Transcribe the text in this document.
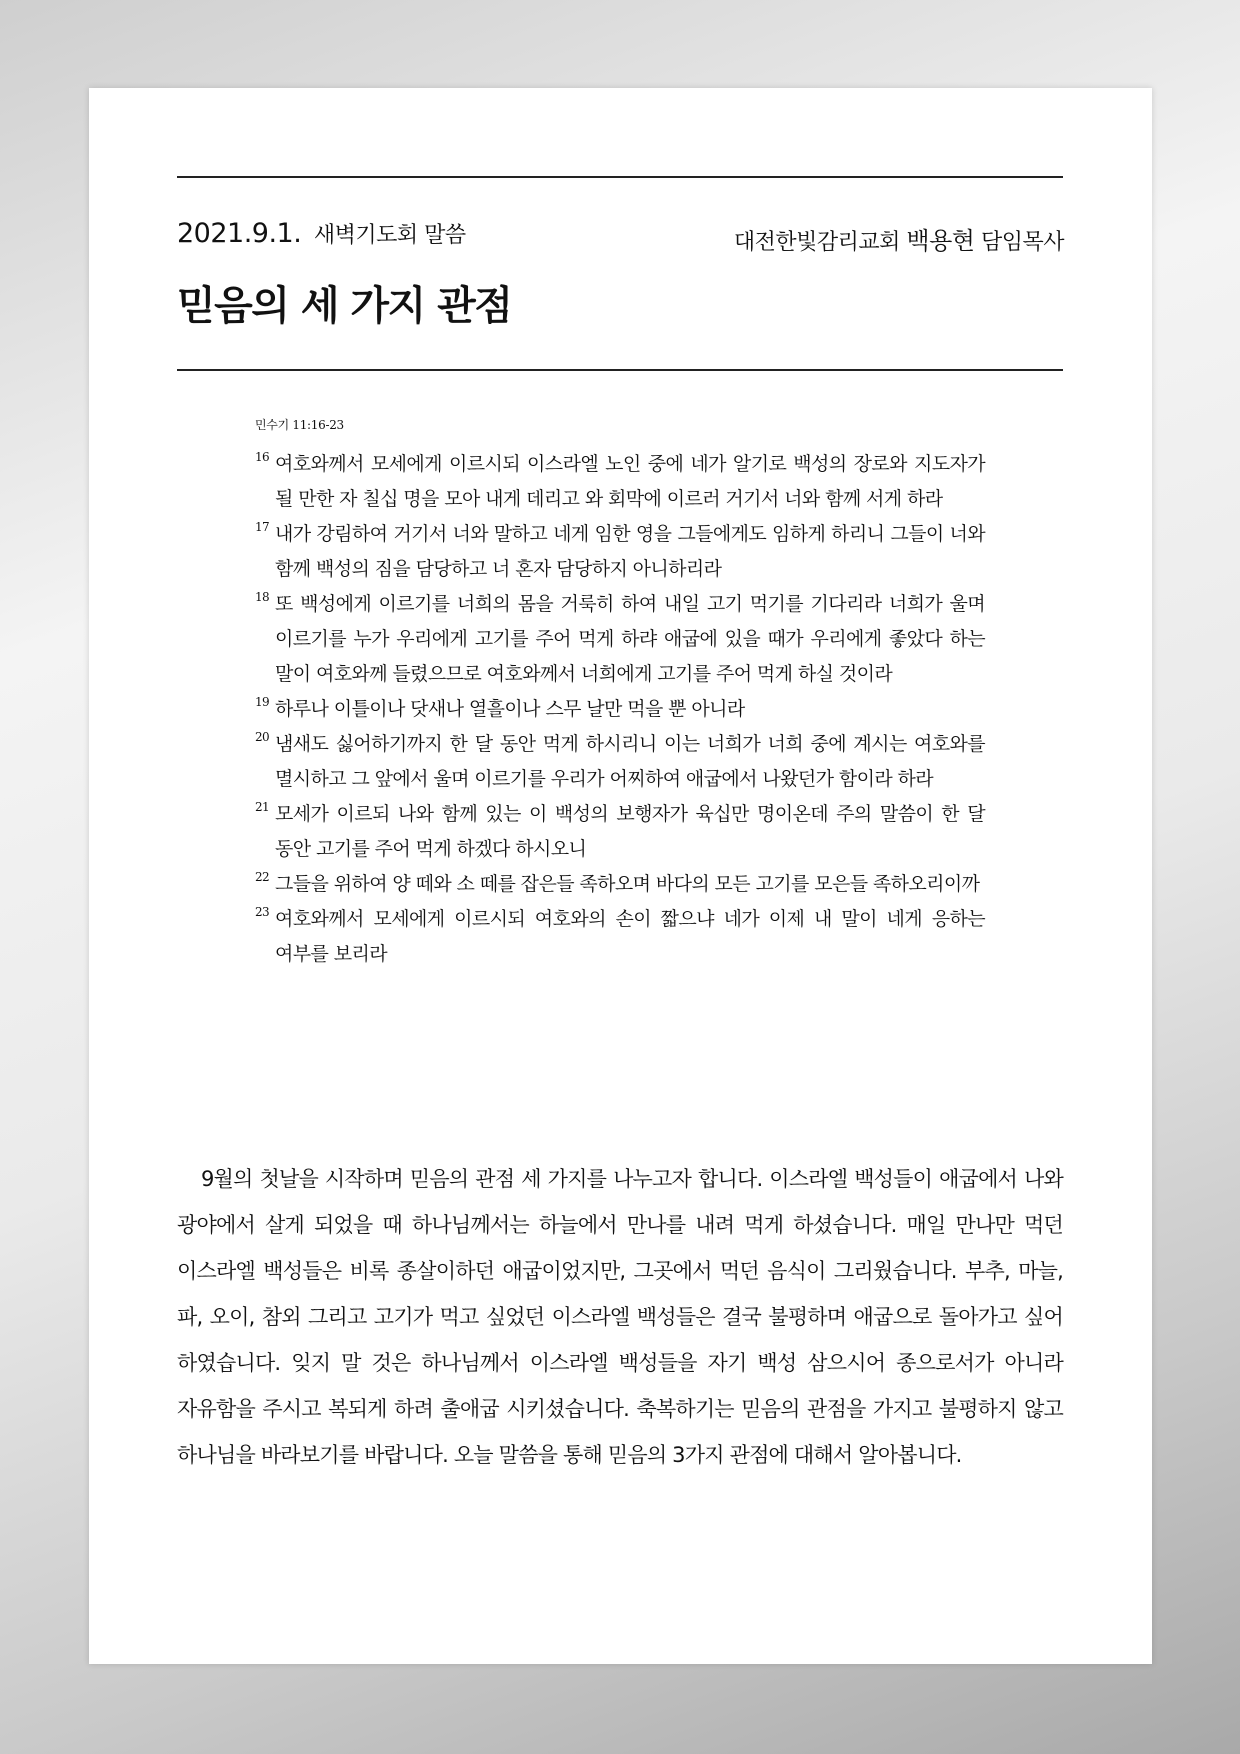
2021.9.1. 새벽기도회 말씀	대전한빛감리교회 백용현 담임목사
믿음의 세 가지 관점
민수기 11:16-23
16 여호와께서 모세에게 이르시되 이스라엘 노인 중에 네가 알기로 백성의 장로와 지도자가 될 만한 자 칠십 명을 모아 내게 데리고 와 회막에 이르러 거기서 너와 함께 서게 하라
17 내가 강림하여 거기서 너와 말하고 네게 임한 영을 그들에게도 임하게 하리니 그들이 너와 함께 백성의 짐을 담당하고 너 혼자 담당하지 아니하리라
18 또 백성에게 이르기를 너희의 몸을 거룩히 하여 내일 고기 먹기를 기다리라 너희가 울며 이르기를 누가 우리에게 고기를 주어 먹게 하랴 애굽에 있을 때가 우리에게 좋았다 하는 말이 여호와께 들렸으므로 여호와께서 너희에게 고기를 주어 먹게 하실 것이라
19 하루나 이틀이나 닷새나 열흘이나 스무 날만 먹을 뿐 아니라
20 냄새도 싫어하기까지 한 달 동안 먹게 하시리니 이는 너희가 너희 중에 계시는 여호와를 멸시하고 그 앞에서 울며 이르기를 우리가 어찌하여 애굽에서 나왔던가 함이라 하라
21 모세가 이르되 나와 함께 있는 이 백성의 보행자가 육십만 명이온데 주의 말씀이 한 달 동안 고기를 주어 먹게 하겠다 하시오니
22 그들을 위하여 양 떼와 소 떼를 잡은들 족하오며 바다의 모든 고기를 모은들 족하오리이까
23 여호와께서 모세에게 이르시되 여호와의 손이 짧으냐 네가 이제 내 말이 네게 응하는 여부를 보리라

9월의 첫날을 시작하며 믿음의 관점 세 가지를 나누고자 합니다. 이스라엘 백성들이 애굽에서 나와 광야에서 살게 되었을 때 하나님께서는 하늘에서 만나를 내려 먹게 하셨습니다. 매일 만나만 먹던 이스라엘 백성들은 비록 종살이하던 애굽이었지만, 그곳에서 먹던 음식이 그리웠습니다. 부추, 마늘, 파, 오이, 참외 그리고 고기가 먹고 싶었던 이스라엘 백성들은 결국 불평하며 애굽으로 돌아가고 싶어 하였습니다. 잊지 말 것은 하나님께서 이스라엘 백성들을 자기 백성 삼으시어 종으로서가 아니라 자유함을 주시고 복되게 하려 출애굽 시키셨습니다. 축복하기는 믿음의 관점을 가지고 불평하지 않고 하나님을 바라보기를 바랍니다. 오늘 말씀을 통해 믿음의 3가지 관점에 대해서 알아봅니다.
